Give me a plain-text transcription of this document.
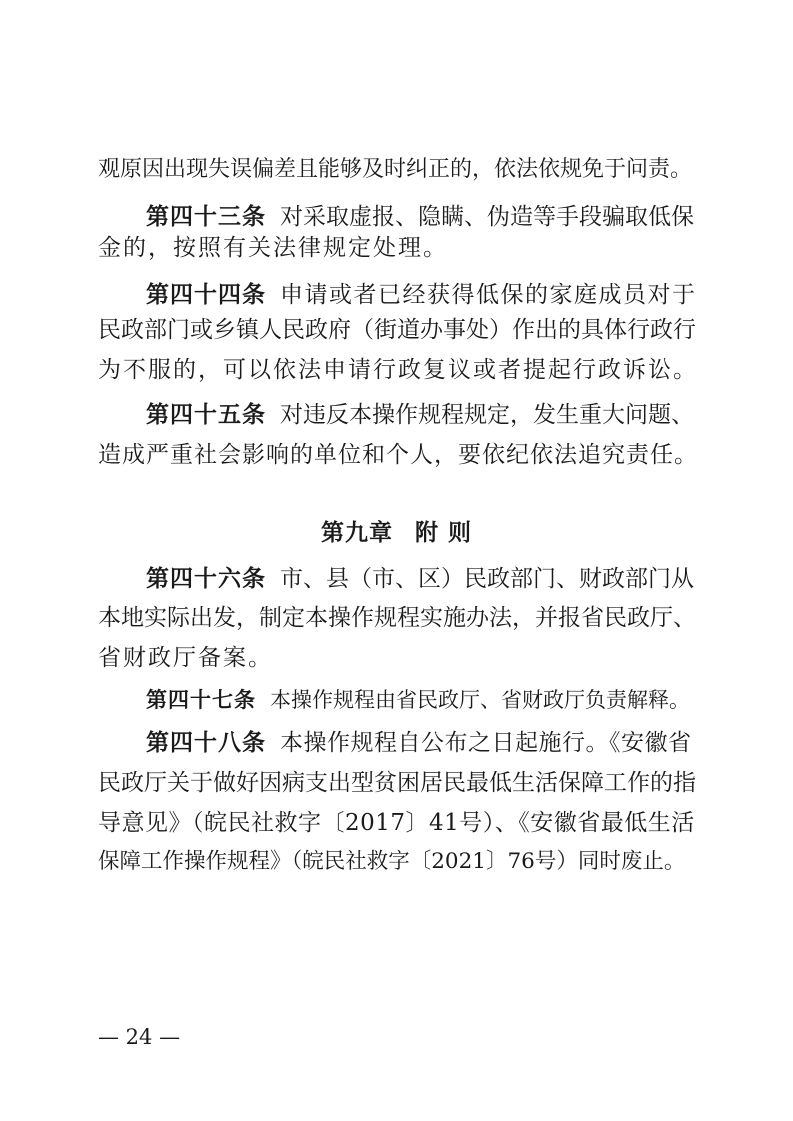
观原因出现失误偏差且能够及时纠正的，依法依规免于问责。
第四十三条 对采取虚报、隐瞒、伪造等手段骗取低保
金的，按照有关法律规定处理。
第四十四条 申请或者已经获得低保的家庭成员对于
民政部门或乡镇人民政府（街道办事处）作出的具体行政行
为不服的，可以依法申请行政复议或者提起行政诉讼。
第四十五条 对违反本操作规程规定，发生重大问题、
造成严重社会影响的单位和个人，要依纪依法追究责任。
第九章 附 则
第四十六条 市、县（市、区）民政部门、财政部门从
本地实际出发，制定本操作规程实施办法，并报省民政厅、
省财政厅备案。
第四十七条 本操作规程由省民政厅、省财政厅负责解释。
第四十八条 本操作规程自公布之日起施行。《安徽省
民政厅关于做好因病支出型贫困居民最低生活保障工作的指
导意见》（皖民社救字〔2017〕41号）、《安徽省最低生活
保障工作操作规程》（皖民社救字〔2021〕76号）同时废止。
— 24 —
